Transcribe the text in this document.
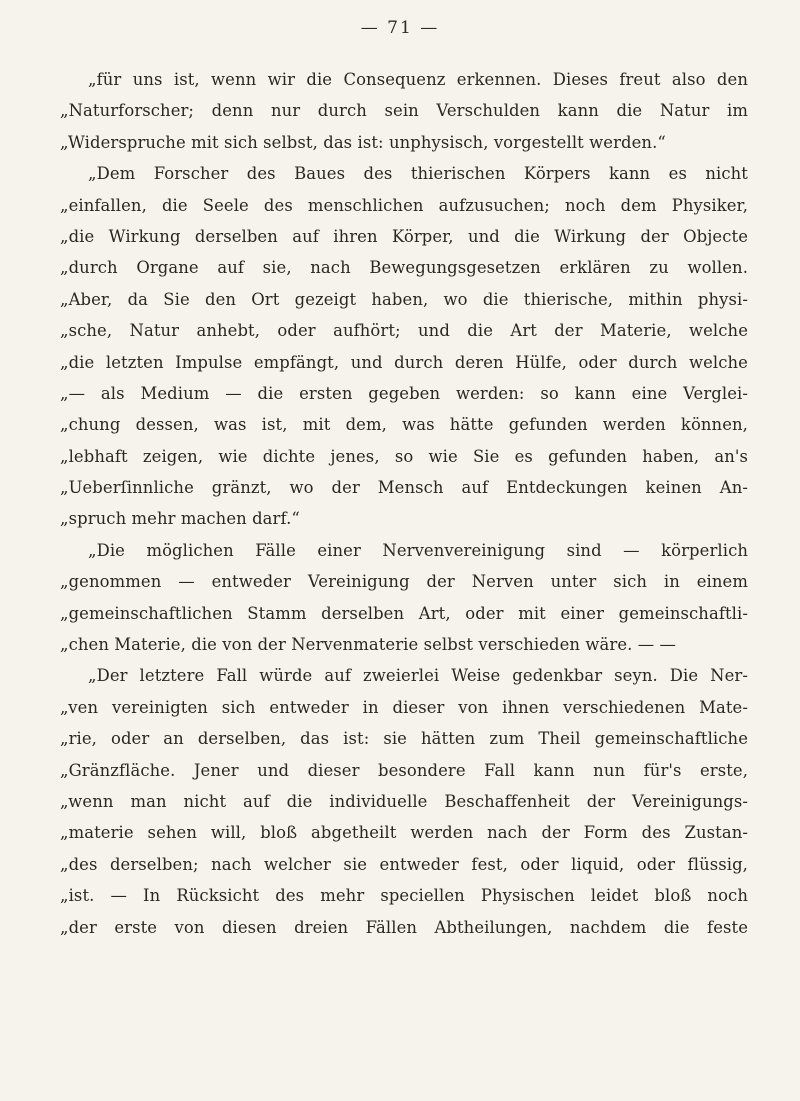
— 71 —
„für uns ist, wenn wir die Consequenz erkennen. Dieses freut also den
„Naturforscher; denn nur durch sein Verschulden kann die Natur im
„Widerspruche mit sich selbst, das ist: unphysisch, vorgestellt werden.“
„Dem Forscher des Baues des thierischen Körpers kann es nicht
„einfallen, die Seele des menschlichen aufzusuchen; noch dem Physiker,
„die Wirkung derselben auf ihren Körper, und die Wirkung der Objecte
„durch Organe auf sie, nach Bewegungsgesetzen erklären zu wollen.
„Aber, da Sie den Ort gezeigt haben, wo die thierische, mithin physi-
„sche, Natur anhebt, oder aufhört; und die Art der Materie, welche
„die letzten Impulse empfängt, und durch deren Hülfe, oder durch welche
„— als Medium — die ersten gegeben werden: so kann eine Verglei-
„chung dessen, was ist, mit dem, was hätte gefunden werden können,
„lebhaft zeigen, wie dichte jenes, so wie Sie es gefunden haben, an's
„Ueberſinnliche gränzt, wo der Mensch auf Entdeckungen keinen An-
„spruch mehr machen darf.“
„Die möglichen Fälle einer Nervenvereinigung sind — körperlich
„genommen — entweder Vereinigung der Nerven unter sich in einem
„gemeinschaftlichen Stamm derselben Art, oder mit einer gemeinschaftli-
„chen Materie, die von der Nervenmaterie selbst verschieden wäre. — —
„Der letztere Fall würde auf zweierlei Weise gedenkbar seyn. Die Ner-
„ven vereinigten sich entweder in dieser von ihnen verschiedenen Mate-
„rie, oder an derselben, das ist: sie hätten zum Theil gemeinschaftliche
„Gränzfläche. Jener und dieser besondere Fall kann nun für's erste,
„wenn man nicht auf die individuelle Beschaffenheit der Vereinigungs-
„materie sehen will, bloß abgetheilt werden nach der Form des Zustan-
„des derselben; nach welcher sie entweder fest, oder liquid, oder flüssig,
„ist. — In Rücksicht des mehr speciellen Physischen leidet bloß noch
„der erste von diesen dreien Fällen Abtheilungen, nachdem die feste
